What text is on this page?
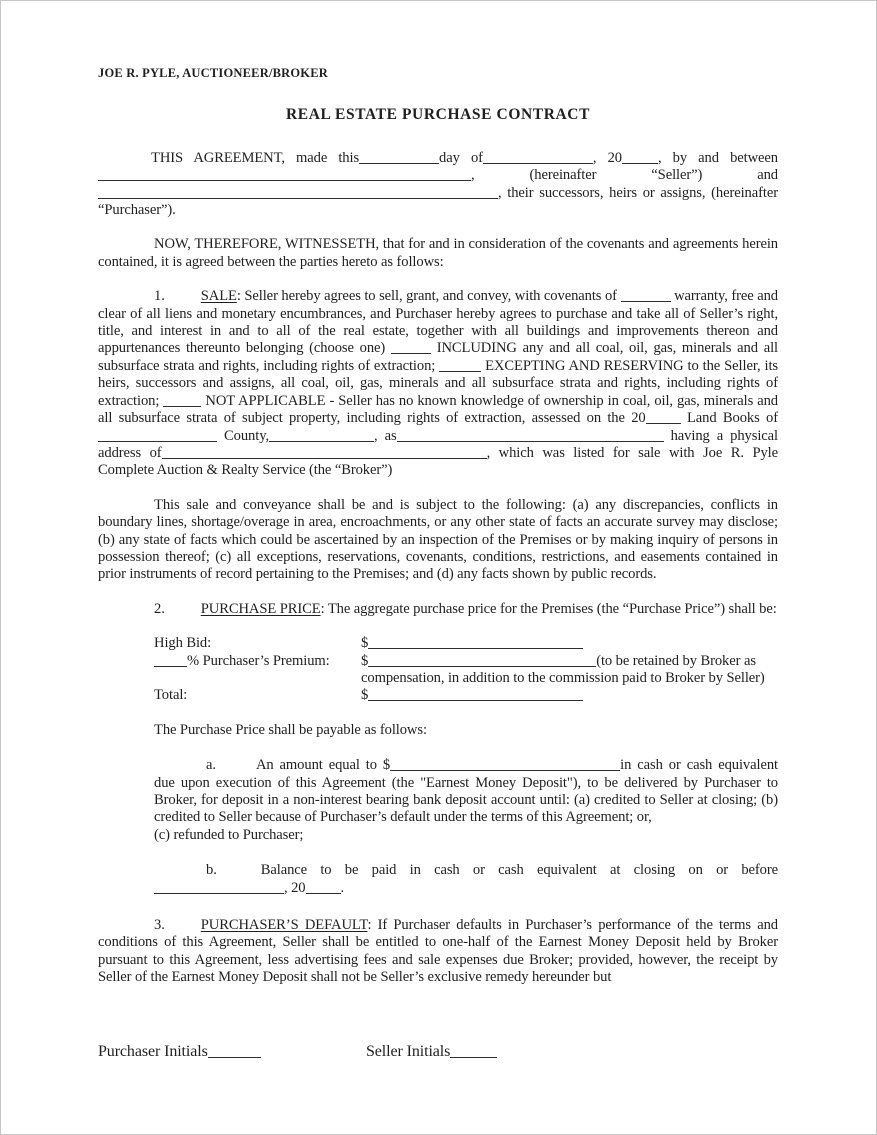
JOE R. PYLE, AUCTIONEER/BROKER
REAL ESTATE PURCHASE CONTRACT

THIS AGREEMENT, made this	day of	, 20 , by and between , (hereinafter “Seller”) and , their successors, heirs or assigns, (hereinafter “Purchaser”).

NOW, THEREFORE, WITNESSETH, that for and in consideration of the covenants and agreements herein contained, it is agreed between the parties hereto as follows:

1. SALE: Seller hereby agrees to sell, grant, and convey, with covenants of	warranty, free and clear of all liens and monetary encumbrances, and Purchaser hereby agrees to purchase and take all of Seller’s right, title, and interest in and to all of the real estate, together with all buildings and improvements thereon and appurtenances thereunto belonging (choose one)	INCLUDING any and all coal, oil, gas, minerals and all subsurface strata and rights, including rights of extraction;	EXCEPTING AND RESERVING to the Seller, its heirs, successors and assigns, all coal, oil, gas, minerals and all subsurface strata and rights, including rights of extraction;	NOT APPLICABLE - Seller has no known knowledge of ownership in coal, oil, gas, minerals and all subsurface strata of subject property, including rights of extraction, assessed on the 20 Land Books of  County,	, as	having a physical address of	, which was listed for sale with Joe R. Pyle Complete Auction & Realty Service (the “Broker”)

This sale and conveyance shall be and is subject to the following: (a) any discrepancies, conflicts in boundary lines, shortage/overage in area, encroachments, or any other state of facts an accurate survey may disclose; (b) any state of facts which could be ascertained by an inspection of the Premises or by making inquiry of persons in possession thereof; (c) all exceptions, reservations, covenants, conditions, restrictions, and easements contained in prior instruments of record pertaining to the Premises; and (d) any facts shown by public records.

2. PURCHASE PRICE: The aggregate purchase price for the Premises (the “Purchase Price”) shall be:

High Bid:	$
% Purchaser’s Premium:	$	(to be retained by Broker as compensation, in addition to the commission paid to Broker by Seller)
Total:	$

The Purchase Price shall be payable as follows:

a.	An amount equal to $	in cash or cash equivalent due upon execution of this Agreement (the "Earnest Money Deposit"), to be delivered by Purchaser to Broker, for deposit in a non-interest bearing bank deposit account until: (a) credited to Seller at closing; (b) credited to Seller because of Purchaser’s default under the terms of this Agreement; or,
(c) refunded to Purchaser;

b.	Balance to be paid in cash or cash equivalent at closing on or before , 20 .

3. PURCHASER’S DEFAULT: If Purchaser defaults in Purchaser’s performance of the terms and conditions of this Agreement, Seller shall be entitled to one-half of the Earnest Money Deposit held by Broker pursuant to this Agreement, less advertising fees and sale expenses due Broker; provided, however, the receipt by Seller of the Earnest Money Deposit shall not be Seller’s exclusive remedy hereunder but

Purchaser Initials	Seller Initials
